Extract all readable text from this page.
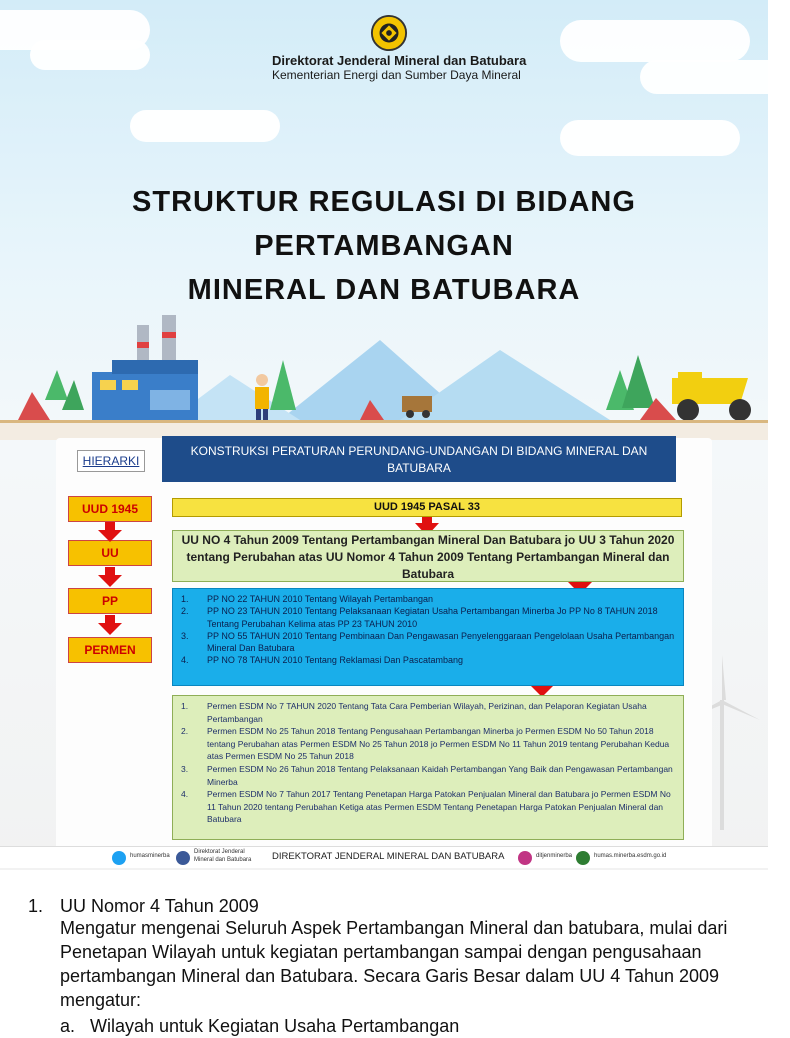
Direktorat Jenderal Mineral dan Batubara
Kementerian Energi dan Sumber Daya Mineral
STRUKTUR REGULASI DI BIDANG PERTAMBANGAN
MINERAL DAN BATUBARA
HIERARKI
KONSTRUKSI PERATURAN PERUNDANG-UNDANGAN DI BIDANG MINERAL DAN BATUBARA
UUD 1945
UU
PP
PERMEN
UUD 1945 PASAL 33
UU NO 4 Tahun 2009 Tentang Pertambangan Mineral Dan Batubara jo UU 3 Tahun 2020 tentang Perubahan atas UU Nomor 4 Tahun 2009 Tentang Pertambangan Mineral dan Batubara
1. PP NO 22 TAHUN 2010 Tentang Wilayah Pertambangan
2. PP NO 23 TAHUN 2010 Tentang Pelaksanaan Kegiatan Usaha Pertambangan Minerba Jo PP No 8 TAHUN 2018 Tentang Perubahan Kelima atas PP 23 TAHUN 2010
3. PP NO 55 TAHUN 2010 Tentang Pembinaan Dan Pengawasan Penyelenggaraan Pengelolaan Usaha Pertambangan Mineral Dan Batubara
4. PP NO 78 TAHUN 2010 Tentang Reklamasi Dan Pascatambang
1. Permen ESDM No 7 TAHUN 2020 Tentang Tata Cara Pemberian Wilayah, Perizinan, dan Pelaporan Kegiatan Usaha Pertambangan
2. Permen ESDM No 25 Tahun 2018 Tentang Pengusahaan Pertambangan Minerba jo Permen ESDM No 50 Tahun 2018 tentang Perubahan atas Permen ESDM No 25 Tahun 2018 jo Permen ESDM No 11 Tahun 2019 tentang Perubahan Kedua atas Permen ESDM No 25 Tahun 2018
3. Permen ESDM No 26 Tahun 2018 Tentang Pelaksanaan Kaidah Pertambangan Yang Baik dan Pengawasan Pertambangan Minerba
4. Permen ESDM No 7 Tahun 2017 Tentang Penetapan Harga Patokan Penjualan Mineral dan Batubara jo Permen ESDM No 11 Tahun 2020 tentang Perubahan Ketiga atas Permen ESDM Tentang Penetapan Harga Patokan Penjualan Mineral dan Batubara
humasminerba
Direktorat Jenderal
Mineral dan Batubara DIREKTORAT JENDERAL MINERAL DAN BATUBARA	ditjenminerba	humas.minerba.esdm.go.id
1. UU Nomor 4 Tahun 2009
Mengatur mengenai Seluruh Aspek Pertambangan Mineral dan batubara, mulai dari
Penetapan Wilayah untuk kegiatan pertambangan sampai dengan pengusahaan
pertambangan Mineral dan Batubara. Secara Garis Besar dalam UU 4 Tahun 2009
mengatur:
a. Wilayah untuk Kegiatan Usaha Pertambangan
